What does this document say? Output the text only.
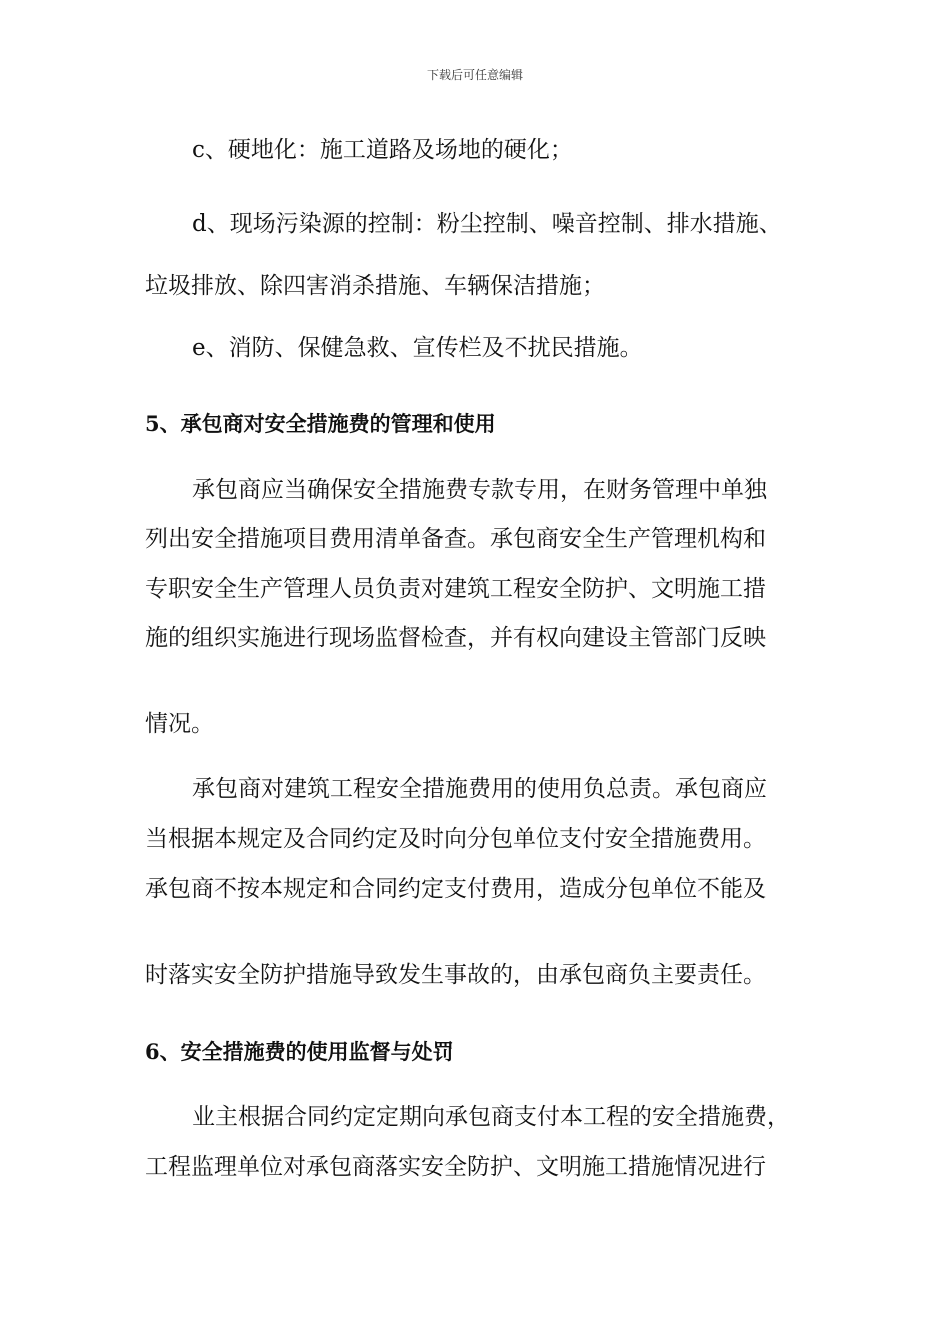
下载后可任意编辑
c、硬地化：施工道路及场地的硬化；
d、现场污染源的控制：粉尘控制、噪音控制、排水措施、
垃圾排放、除四害消杀措施、车辆保洁措施；
e、消防、保健急救、宣传栏及不扰民措施。
5、承包商对安全措施费的管理和使用
承包商应当确保安全措施费专款专用，在财务管理中单独
列出安全措施项目费用清单备查。承包商安全生产管理机构和
专职安全生产管理人员负责对建筑工程安全防护、文明施工措
施的组织实施进行现场监督检查，并有权向建设主管部门反映
情况。
承包商对建筑工程安全措施费用的使用负总责。承包商应
当根据本规定及合同约定及时向分包单位支付安全措施费用。
承包商不按本规定和合同约定支付费用，造成分包单位不能及
时落实安全防护措施导致发生事故的，由承包商负主要责任。
6、安全措施费的使用监督与处罚
业主根据合同约定定期向承包商支付本工程的安全措施费，
工程监理单位对承包商落实安全防护、文明施工措施情况进行
